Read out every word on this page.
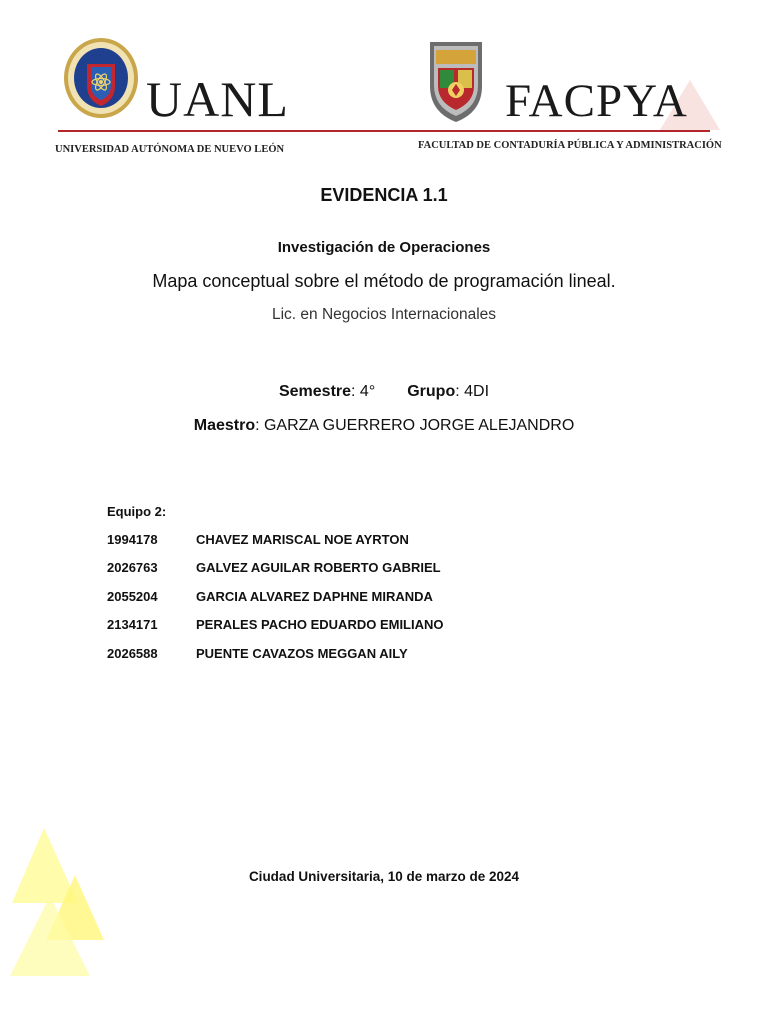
UANL	FACPYA
UNIVERSIDAD AUTÓNOMA DE NUEVO LEÓN	FACULTAD DE CONTADURÍA PÚBLICA Y ADMINISTRACIÓN
EVIDENCIA 1.1
Investigación de Operaciones
Mapa conceptual sobre el método de programación lineal.
Lic. en Negocios Internacionales
Semestre: 4° Grupo: 4DI
Maestro: GARZA GUERRERO JORGE ALEJANDRO
Equipo 2:
1994178	CHAVEZ MARISCAL NOE AYRTON
2026763	GALVEZ AGUILAR ROBERTO GABRIEL
2055204	GARCIA ALVAREZ DAPHNE MIRANDA
2134171	PERALES PACHO EDUARDO EMILIANO
2026588	PUENTE CAVAZOS MEGGAN AILY
Ciudad Universitaria, 10 de marzo de 2024
